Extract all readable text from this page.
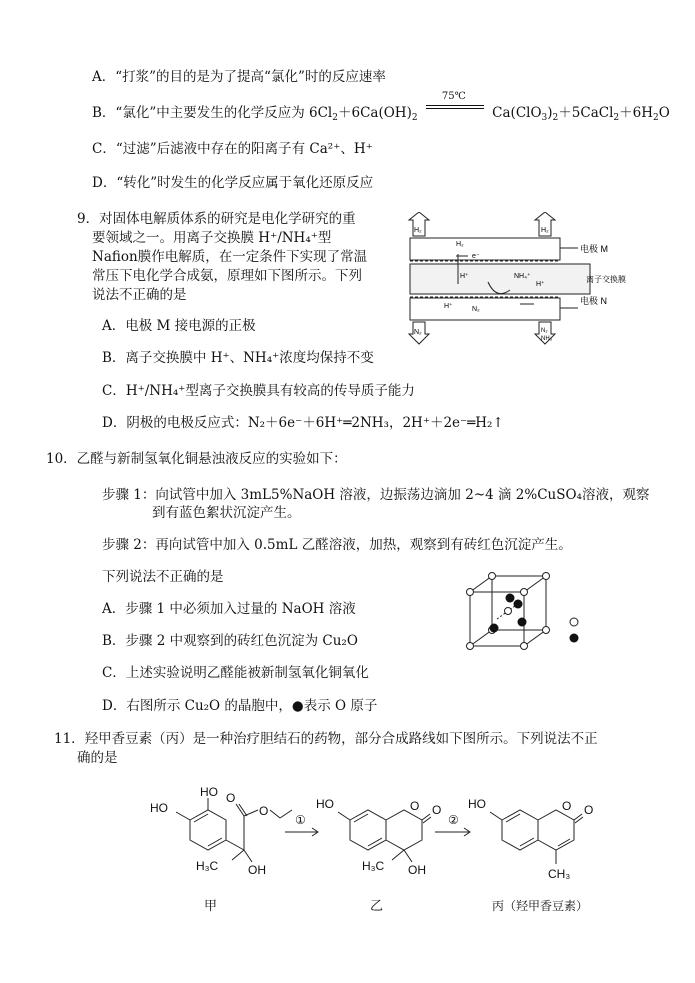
A．“打浆”的目的是为了提高“氯化”时的反应速率
B．“氯化”中主要发生的化学反应为 $6Cl_2+6Ca(OH)_2$
75℃
$Ca(ClO_3)_2+5CaCl_2+6H_2O$
C．“过滤”后滤液中存在的阳离子有 Ca²⁺、H⁺
D．“转化”时发生的化学反应属于氧化还原反应
9．对固体电解质体系的研究是电化学研究的重
要领域之一。用离子交换膜 H⁺/NH₄⁺型
Nafion膜作电解质，在一定条件下实现了常温
常压下电化学合成氨，原理如下图所示。下列
说法不正确的是
A．电极 M 接电源的正极
B．离子交换膜中 H⁺、NH₄⁺浓度均保持不变
C．H⁺/NH₄⁺型离子交换膜具有较高的传导质子能力
D．阴极的电极反应式：N₂＋6e⁻＋6H⁺═2NH₃，2H⁺＋2e⁻═H₂↑
H₂	H₂
H₂
e⁻
H⁺	NH₄⁺
H⁺
H⁺	N₂
N₂	N₂
NH₃
电极 M
离子交换膜
电极 N
10．乙醛与新制氢氧化铜悬浊液反应的实验如下：
步骤 1：向试管中加入 3mL5%NaOH 溶液，边振荡边滴加 2~4 滴 2%CuSO₄溶液，观察
到有蓝色絮状沉淀产生。
步骤 2：再向试管中加入 0.5mL 乙醛溶液，加热，观察到有砖红色沉淀产生。
下列说法不正确的是
A．步骤 1 中必须加入过量的 NaOH 溶液
B．步骤 2 中观察到的砖红色沉淀为 Cu₂O
C．上述实验说明乙醛能被新制氢氧化铜氧化
D．右图所示 Cu₂O 的晶胞中，●表示 O 原子
11．羟甲香豆素（丙）是一种治疗胆结石的药物，部分合成路线如下图所示。下列说法不正
确的是
HO
HO O
O
H₃C OH
①
HO	O O
H₃C OH
②
HO	O O
CH₃
甲	乙	丙（羟甲香豆素）
